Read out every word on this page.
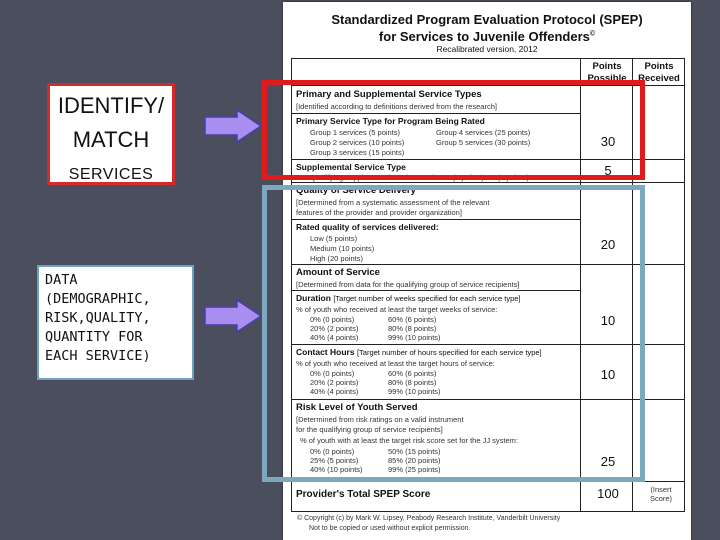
IDENTIFY/
MATCH
SERVICES
DATA
(DEMOGRAPHIC,
RISK,QUALITY,
QUANTITY FOR
EACH SERVICE)
Standardized Program Evaluation Protocol (SPEP)
for Services to Juvenile Offenders©
Recalibrated version, 2012
Points Possible
Points Received
Primary and Supplemental Service Types
[Identified according to definitions derived from the research]
Primary Service Type for Program Being Rated
Group 1 services (5 points)
Group 2 services (10 points)
Group 3 services (15 points)
Group 4 services (25 points)
Group 5 services (30 points)	30
Supplemental Service Type
Qualifying supplemental service used: Yes (5 points) No (0 points)	5
Quality of Service Delivery
[Determined from a systematic assessment of the relevant
features of the provider and provider organization]
Rated quality of services delivered:
Low (5 points)
Medium (10 points)
High (20 points)
20
Amount of Service
[Determined from data for the qualifying group of service recipients]
Duration [Target number of weeks specified for each service type]
% of youth who received at least the target weeks of service:
0% (0 points)
20% (2 points)
40% (4 points)
60% (6 points)
80% (8 points)
99% (10 points)
10
Contact Hours [Target number of hours specified for each service type]
% of youth who received at least the target hours of service:
0% (0 points)
20% (2 points)
40% (4 points)
60% (6 points)
80% (8 points)
99% (10 points)
10
Risk Level of Youth Served
[Determined from risk ratings on a valid instrument
for the qualifying group of service recipients]
% of youth with at least the target risk score set for the JJ system:
0% (0 points)
25% (5 points)
40% (10 points)
50% (15 points)
85% (20 points)
99% (25 points)
25
Provider's Total SPEP Score	100	(Insert Score)
© Copyright (c) by Mark W. Lipsey, Peabody Research Institute, Vanderbilt University
Not to be copied or used without explicit permission.
